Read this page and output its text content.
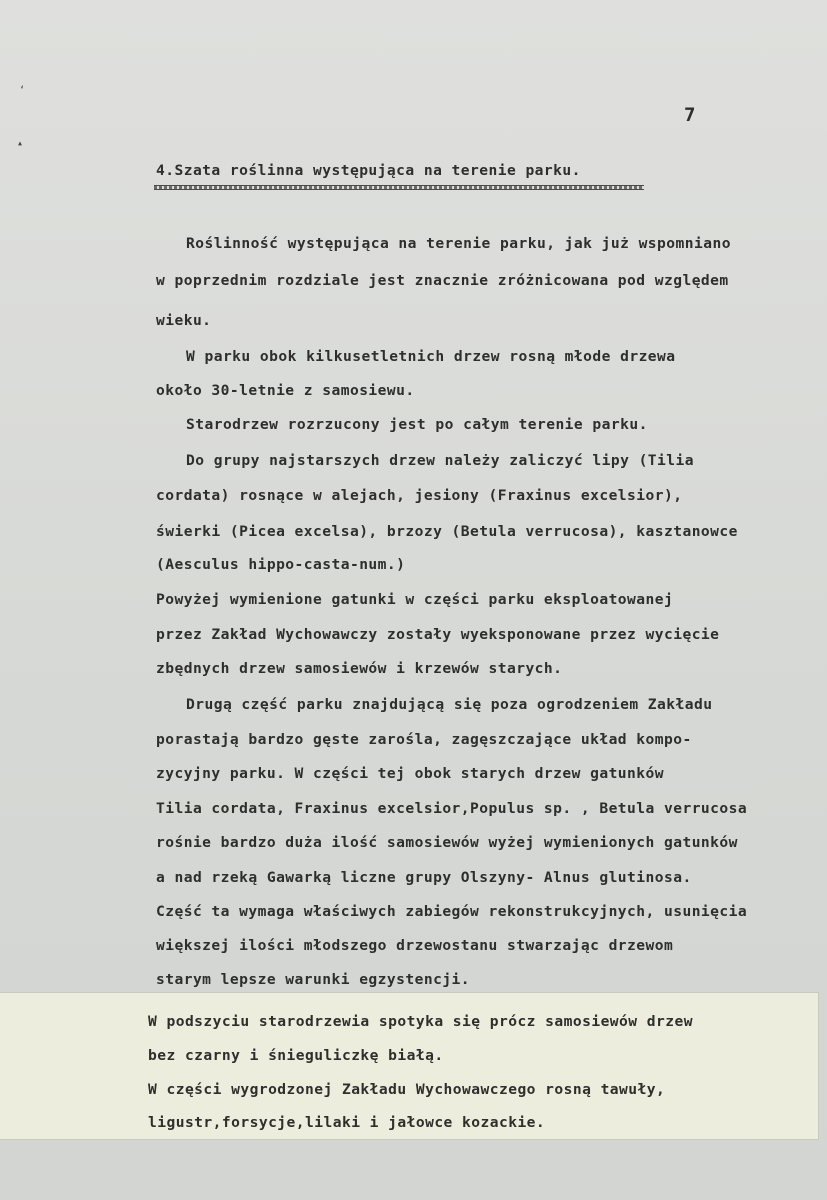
‘
▴
7
4.Szata roślinna występująca na terenie parku.
Roślinność występująca na terenie parku, jak już wspomniano
w poprzednim rozdziale jest znacznie zróżnicowana pod względem
wieku.
W parku obok kilkusetletnich drzew rosną młode drzewa
około 30-letnie z samosiewu.
Starodrzew rozrzucony jest po całym terenie parku.
Do grupy najstarszych drzew należy zaliczyć lipy (Tilia
cordata) rosnące w alejach, jesiony (Fraxinus excelsior),
świerki (Picea excelsa), brzozy (Betula verrucosa), kasztanowce
(Aesculus hippo-casta-num.)
Powyżej wymienione gatunki w części parku eksploatowanej
przez Zakład Wychowawczy zostały wyeksponowane przez wycięcie
zbędnych drzew samosiewów i krzewów starych.
Drugą część parku znajdującą się poza ogrodzeniem Zakładu
porastają bardzo gęste zarośla, zagęszczające układ kompo-
zycyjny parku. W części tej obok starych drzew gatunków
Tilia cordata, Fraxinus excelsior,Populus sp. , Betula verrucosa
rośnie bardzo duża ilość samosiewów wyżej wymienionych gatunków
a nad rzeką Gawarką liczne grupy Olszyny- Alnus glutinosa.
Część ta wymaga właściwych zabiegów rekonstrukcyjnych, usunięcia
większej ilości młodszego drzewostanu stwarzając drzewom
starym lepsze warunki egzystencji.
W podszyciu starodrzewia spotyka się prócz samosiewów drzew
bez czarny i śnieguliczkę białą.
W części wygrodzonej Zakładu Wychowawczego rosną tawuły,
ligustr,forsycje,lilaki i jałowce kozackie.
